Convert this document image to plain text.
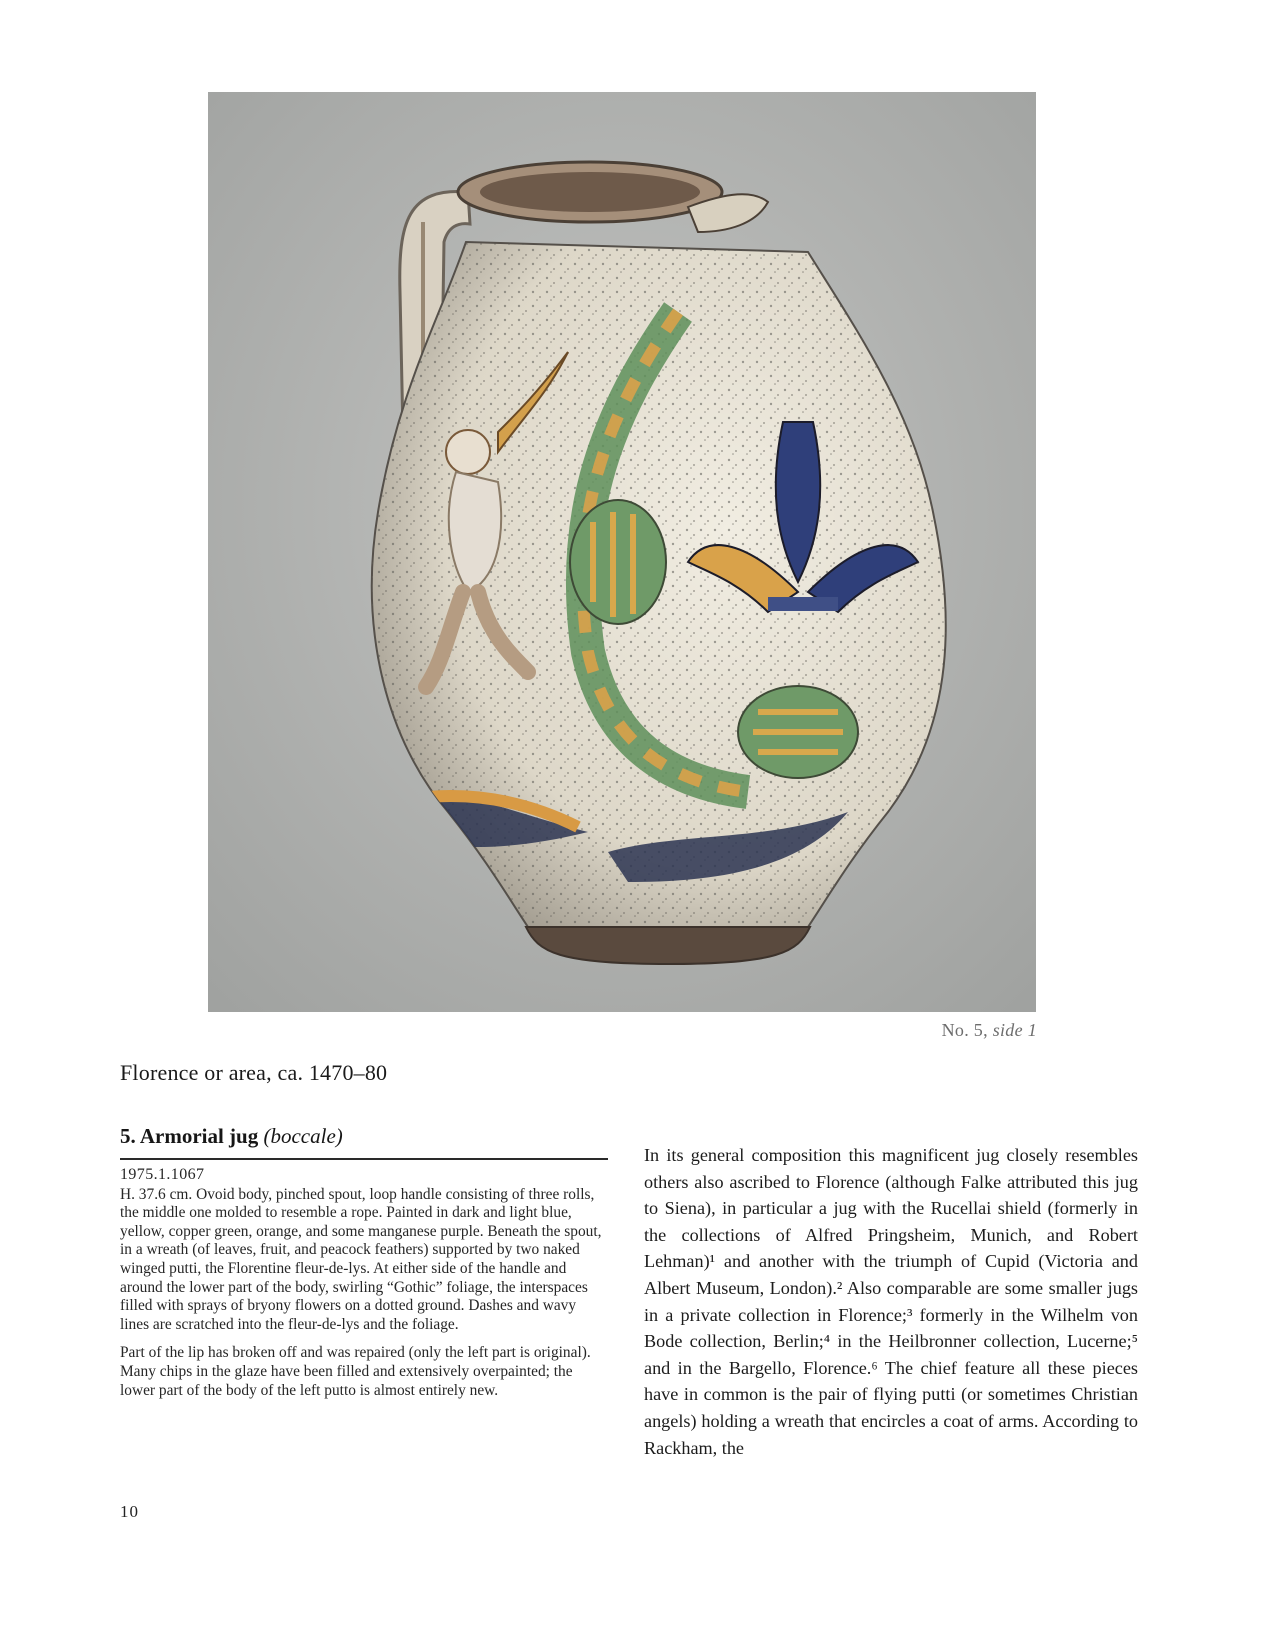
No. 5, side 1
Florence or area, ca. 1470–80
5. Armorial jug (boccale)

1975.1.1067

H. 37.6 cm. Ovoid body, pinched spout, loop handle consisting of three rolls, the middle one molded to resemble a rope. Painted in dark and light blue, yellow, copper green, orange, and some manganese purple. Beneath the spout, in a wreath (of leaves, fruit, and peacock feathers) supported by two naked winged putti, the Florentine fleur-de-lys. At either side of the handle and around the lower part of the body, swirling “Gothic” foliage, the interspaces filled with sprays of bryony flowers on a dotted ground. Dashes and wavy lines are scratched into the fleur-de-lys and the foliage.

Part of the lip has broken off and was repaired (only the left part is original). Many chips in the glaze have been filled and extensively overpainted; the lower part of the body of the left putto is almost entirely new.

In its general composition this magnificent jug closely resembles others also ascribed to Florence (although Falke attributed this jug to Siena), in particular a jug with the Rucellai shield (formerly in the collections of Alfred Pringsheim, Munich, and Robert Lehman)¹ and another with the triumph of Cupid (Victoria and Albert Museum, London).² Also comparable are some smaller jugs in a private collection in Florence;³ formerly in the Wilhelm von Bode collection, Berlin;⁴ in the Heilbronner collection, Lucerne;⁵ and in the Bargello, Florence.⁶ The chief feature all these pieces have in common is the pair of flying putti (or sometimes Christian angels) holding a wreath that encircles a coat of arms. According to Rackham, the

10
